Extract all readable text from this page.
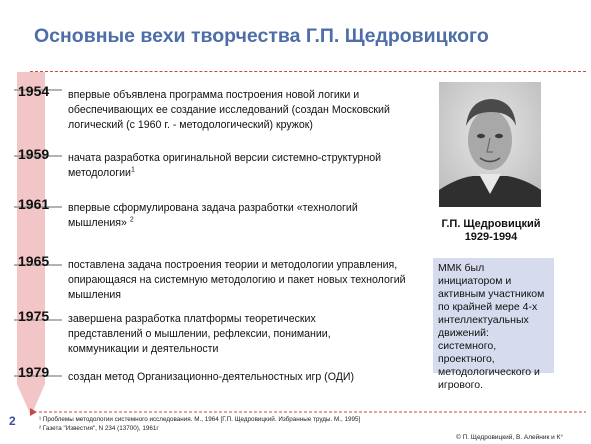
Основные вехи творчества Г.П. Щедровицкого
1954
1959
1961
1965
1975
1979
впервые объявлена программа построения новой логики и обеспечивающих ее создание исследований (создан Московский логический (с 1960 г. - методологический) кружок)
начата разработка оригинальной версии системно-структурной методологии$^1$
впервые сформулирована задача разработки «технологий мышления» $^2$
поставлена задача построения теории и методологии управления, опирающаяся на системную методологию и пакет новых технологий мышления
завершена разработка платформы теоретических представлений о мышлении, рефлексии, понимании, коммуникации и деятельности
создан метод Организационно-деятельностных игр (ОДИ)
Г.П. Щедровицкий
1929-1994
ММК был инициатором и активным участником по крайней мере 4-х интеллектуальных движений: системного, проектного, методологического и игрового.
2	¹ Проблемы методологии системного исследования. М., 1964 [Г.П. Щедровицкий. Избранные труды. М., 1995]
² Газета "Известия", N 234 (13700), 1961г
© П. Щедровицкий, В. Алейник и К°
